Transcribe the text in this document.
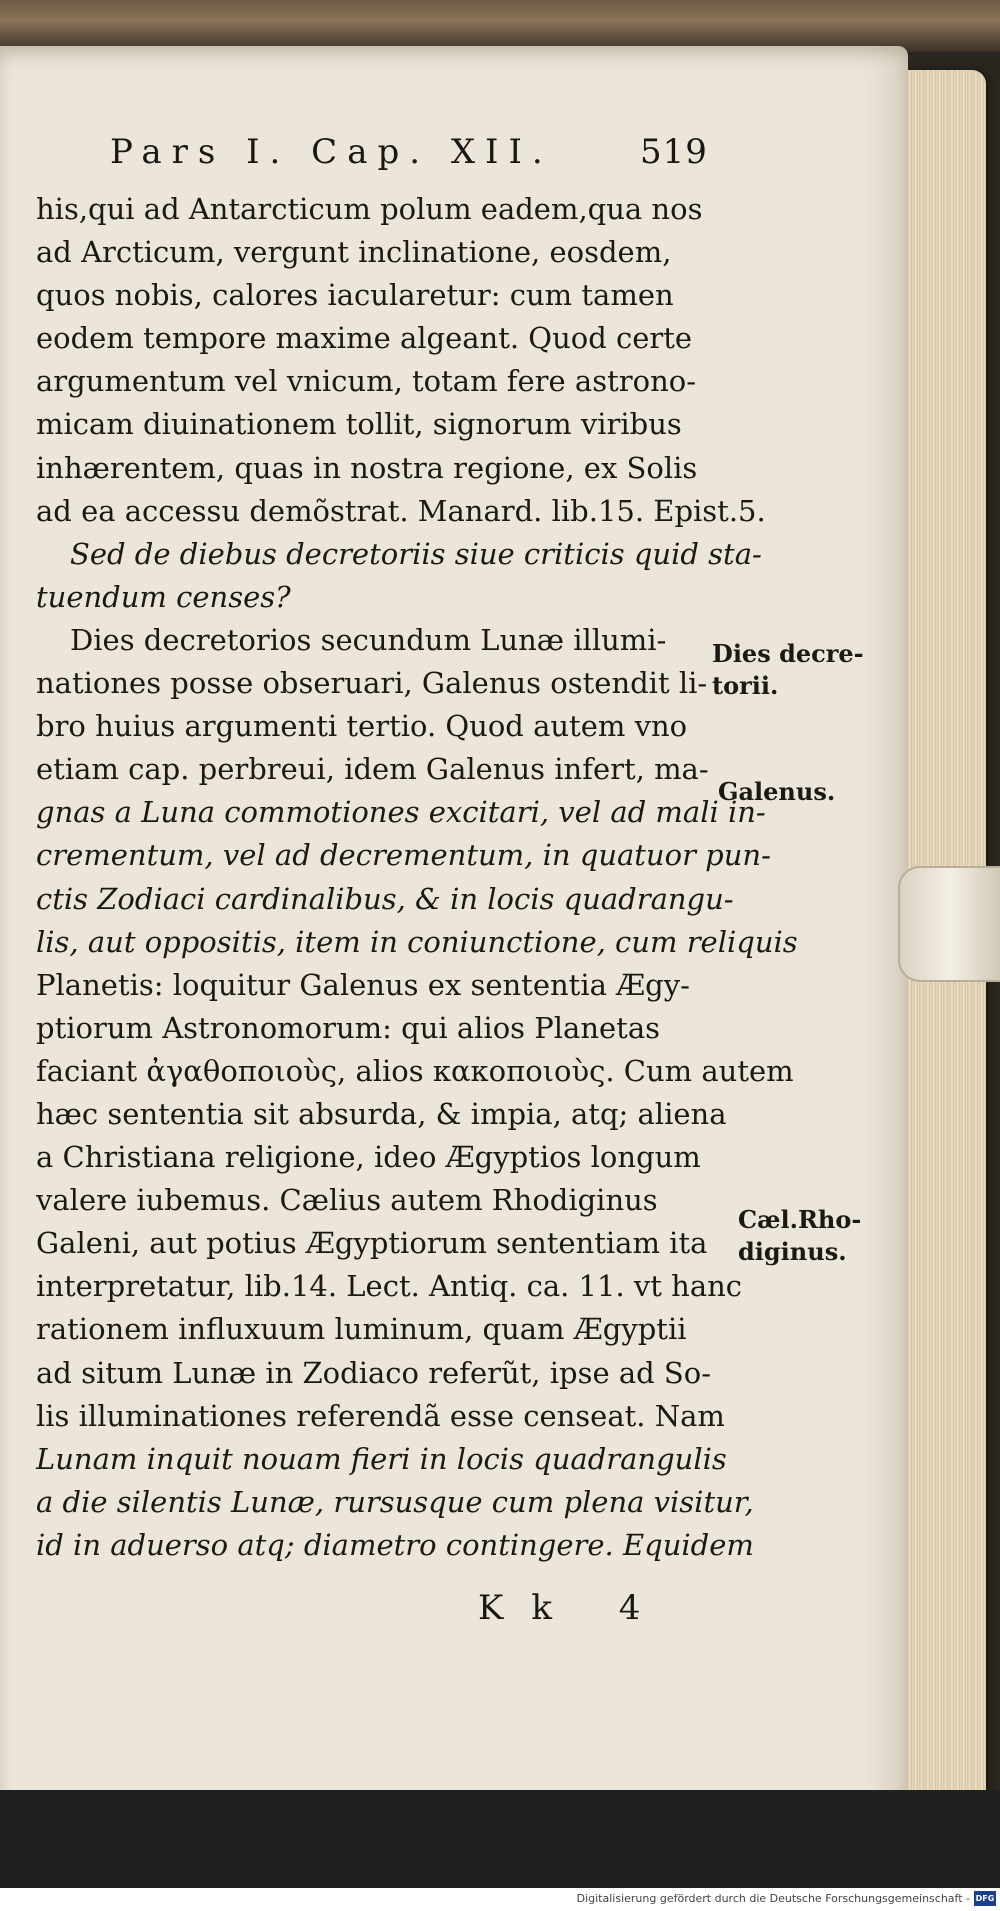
Pars I. Cap. XII.	519
his,qui ad Antarcticum polum eadem,qua nos
ad Arcticum, vergunt inclinatione, eosdem,
quos nobis, calores iacularetur: cum tamen
eodem tempore maxime algeant. Quod certe
argumentum vel vnicum, totam fere astrono-
micam diuinationem tollit, signorum viribus
inhærentem, quas in nostra regione, ex Solis
ad ea accessu demõstrat. Manard. lib.15. Epist.5.
Sed de diebus decretoriis siue criticis quid sta-
tuendum censes?
Dies decretorios secundum Lunæ illumi-
nationes posse obseruari, Galenus ostendit li-
bro huius argumenti tertio. Quod autem vno
etiam cap. perbreui, idem Galenus infert, ma-
gnas a Luna commotiones excitari, vel ad mali in-
crementum, vel ad decrementum, in quatuor pun-
ctis Zodiaci cardinalibus, & in locis quadrangu-
lis, aut oppositis, item in coniunctione, cum reliquis
Planetis: loquitur Galenus ex sententia Ægy-
ptiorum Astronomorum: qui alios Planetas
faciant ἀγαθοποιοὺς, alios κακοποιοὺς. Cum autem
hæc sententia sit absurda, & impia, atq; aliena
a Christiana religione, ideo Ægyptios longum
valere iubemus. Cælius autem Rhodiginus
Galeni, aut potius Ægyptiorum sententiam ita
interpretatur, lib.14. Lect. Antiq. ca. 11. vt hanc
rationem influxuum luminum, quam Ægyptii
ad situm Lunæ in Zodiaco referũt, ipse ad So-
lis illuminationes referendã esse censeat. Nam
Lunam inquit nouam fieri in locis quadrangulis
a die silentis Lunæ, rursusque cum plena visitur,
id in aduerso atq; diametro contingere. Equidem
Dies decre-
torii.
Galenus.
Cæl.Rho-
diginus.
Kk 4
Digitalisierung gefördert durch die Deutsche Forschungsgemeinschaft - DFG
